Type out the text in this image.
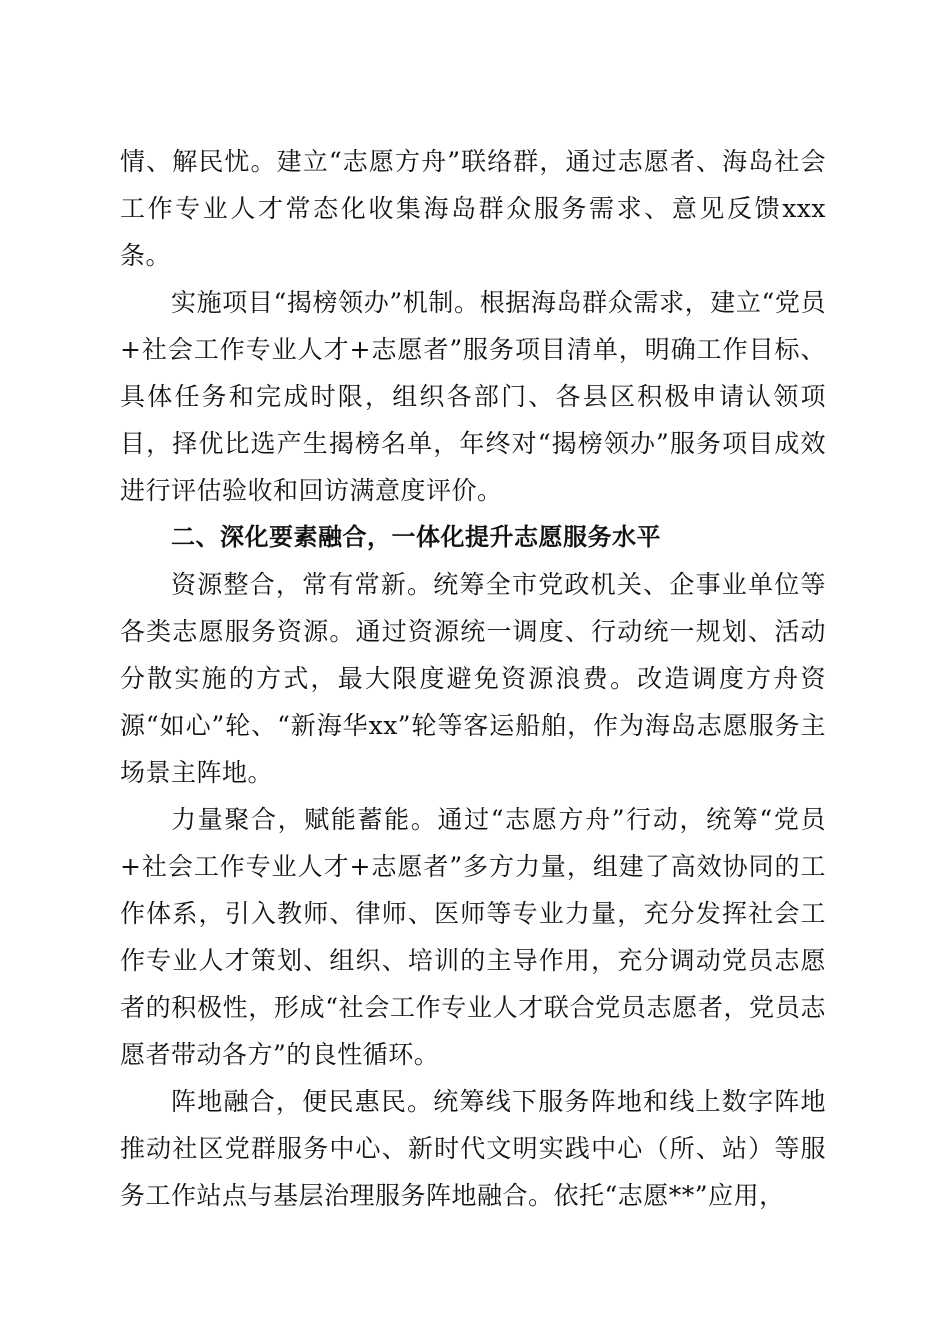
情、解民忧。建立“志愿方舟”联络群，通过志愿者、海岛社会工作专业人才常态化收集海岛群众服务需求、意见反馈xxx条。

实施项目“揭榜领办”机制。根据海岛群众需求，建立“党员+社会工作专业人才+志愿者”服务项目清单，明确工作目标、具体任务和完成时限，组织各部门、各县区积极申请认领项目，择优比选产生揭榜名单，年终对“揭榜领办”服务项目成效进行评估验收和回访满意度评价。

二、深化要素融合，一体化提升志愿服务水平

资源整合，常有常新。统筹全市党政机关、企事业单位等各类志愿服务资源。通过资源统一调度、行动统一规划、活动分散实施的方式，最大限度避免资源浪费。改造调度方舟资源“如心”轮、“新海华xx”轮等客运船舶，作为海岛志愿服务主场景主阵地。

力量聚合，赋能蓄能。通过“志愿方舟”行动，统筹“党员+社会工作专业人才+志愿者”多方力量，组建了高效协同的工作体系，引入教师、律师、医师等专业力量，充分发挥社会工作专业人才策划、组织、培训的主导作用，充分调动党员志愿者的积极性，形成“社会工作专业人才联合党员志愿者，党员志愿者带动各方”的良性循环。

阵地融合，便民惠民。统筹线下服务阵地和线上数字阵地推动社区党群服务中心、新时代文明实践中心（所、站）等服务工作站点与基层治理服务阵地融合。依托“志愿**”应用，
